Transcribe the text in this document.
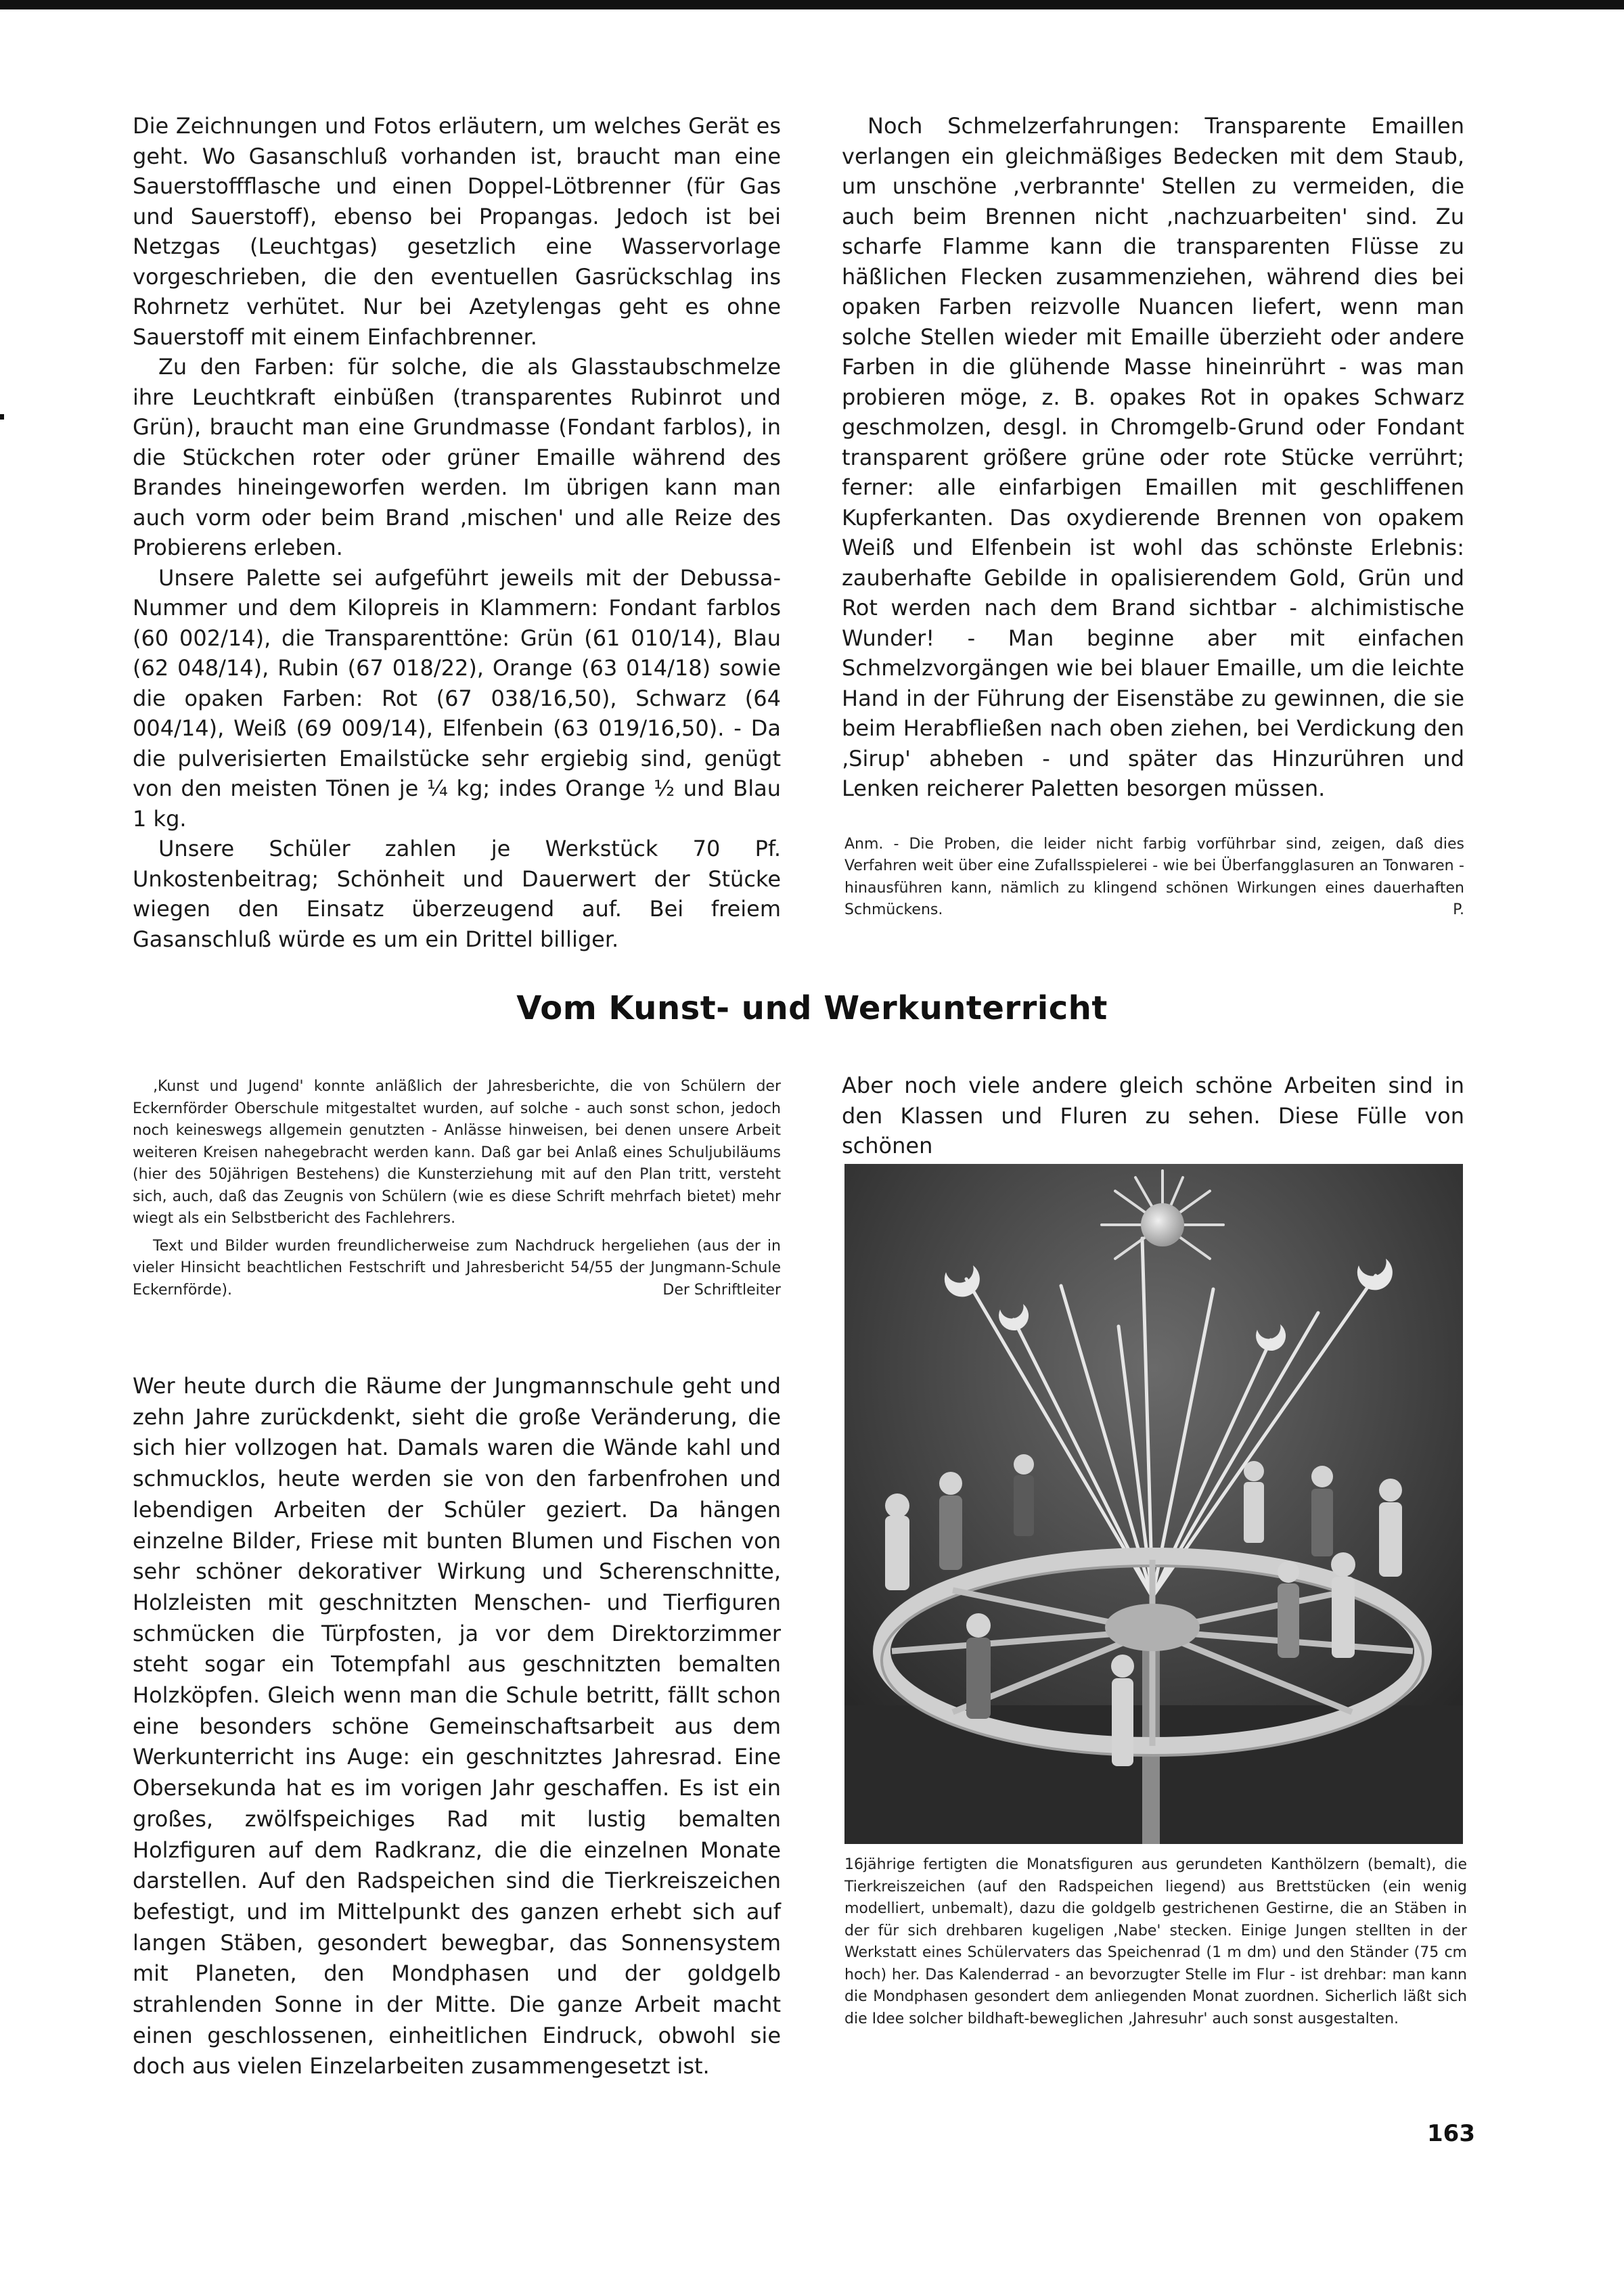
Die Zeichnungen und Fotos erläutern, um welches Gerät es geht. Wo Gasanschluß vorhanden ist, braucht man eine Sauerstoffflasche und einen Doppel-Lötbrenner (für Gas und Sauerstoff), ebenso bei Propangas. Jedoch ist bei Netzgas (Leuchtgas) gesetzlich eine Wasservorlage vorgeschrieben, die den eventuellen Gasrückschlag ins Rohrnetz verhütet. Nur bei Azetylengas geht es ohne Sauerstoff mit einem Einfachbrenner.

Zu den Farben: für solche, die als Glasstaubschmelze ihre Leuchtkraft einbüßen (transparentes Rubinrot und Grün), braucht man eine Grundmasse (Fondant farblos), in die Stückchen roter oder grüner Emaille während des Brandes hineingeworfen werden. Im übrigen kann man auch vorm oder beim Brand ‚mischen' und alle Reize des Probierens erleben.

Unsere Palette sei aufgeführt jeweils mit der Debussa-Nummer und dem Kilopreis in Klammern: Fondant farblos (60 002/14), die Transparenttöne: Grün (61 010/14), Blau (62 048/14), Rubin (67 018/22), Orange (63 014/18) sowie die opaken Farben: Rot (67 038/16,50), Schwarz (64 004/14), Weiß (69 009/14), Elfenbein (63 019/16,50). - Da die pulverisierten Emailstücke sehr ergiebig sind, genügt von den meisten Tönen je ¼ kg; indes Orange ½ und Blau 1 kg.

Unsere Schüler zahlen je Werkstück 70 Pf. Unkostenbeitrag; Schönheit und Dauerwert der Stücke wiegen den Einsatz überzeugend auf. Bei freiem Gasanschluß würde es um ein Drittel billiger.

Noch Schmelzerfahrungen: Transparente Emaillen verlangen ein gleichmäßiges Bedecken mit dem Staub, um unschöne ‚verbrannte' Stellen zu vermeiden, die auch beim Brennen nicht ‚nachzuarbeiten' sind. Zu scharfe Flamme kann die transparenten Flüsse zu häßlichen Flecken zusammenziehen, während dies bei opaken Farben reizvolle Nuancen liefert, wenn man solche Stellen wieder mit Emaille überzieht oder andere Farben in die glühende Masse hineinrührt - was man probieren möge, z. B. opakes Rot in opakes Schwarz geschmolzen, desgl. in Chromgelb-Grund oder Fondant transparent größere grüne oder rote Stücke verrührt; ferner: alle einfarbigen Emaillen mit geschliffenen Kupferkanten. Das oxydierende Brennen von opakem Weiß und Elfenbein ist wohl das schönste Erlebnis: zauberhafte Gebilde in opalisierendem Gold, Grün und Rot werden nach dem Brand sichtbar - alchimistische Wunder! - Man beginne aber mit einfachen Schmelzvorgängen wie bei blauer Emaille, um die leichte Hand in der Führung der Eisenstäbe zu gewinnen, die sie beim Herabfließen nach oben ziehen, bei Verdickung den ‚Sirup' abheben - und später das Hinzurühren und Lenken reicherer Paletten besorgen müssen.

Anm. - Die Proben, die leider nicht farbig vorführbar sind, zeigen, daß dies Verfahren weit über eine Zufallsspielerei - wie bei Überfangglasuren an Tonwaren - hinausführen kann, nämlich zu klingend schönen Wirkungen eines dauerhaften Schmückens.	P.

Vom Kunst- und Werkunterricht

‚Kunst und Jugend' konnte anläßlich der Jahresberichte, die von Schülern der Eckernförder Oberschule mitgestaltet wurden, auf solche - auch sonst schon, jedoch noch keineswegs allgemein genutzten - Anlässe hinweisen, bei denen unsere Arbeit weiteren Kreisen nahegebracht werden kann. Daß gar bei Anlaß eines Schuljubiläums (hier des 50jährigen Bestehens) die Kunsterziehung mit auf den Plan tritt, versteht sich, auch, daß das Zeugnis von Schülern (wie es diese Schrift mehrfach bietet) mehr wiegt als ein Selbstbericht des Fachlehrers.

Text und Bilder wurden freundlicherweise zum Nachdruck hergeliehen (aus der in vieler Hinsicht beachtlichen Festschrift und Jahresbericht 54/55 der Jungmann-Schule Eckernförde).	Der Schriftleiter

Wer heute durch die Räume der Jungmannschule geht und zehn Jahre zurückdenkt, sieht die große Veränderung, die sich hier vollzogen hat. Damals waren die Wände kahl und schmucklos, heute werden sie von den farbenfrohen und lebendigen Arbeiten der Schüler geziert. Da hängen einzelne Bilder, Friese mit bunten Blumen und Fischen von sehr schöner dekorativer Wirkung und Scherenschnitte, Holzleisten mit geschnitzten Menschen- und Tierfiguren schmücken die Türpfosten, ja vor dem Direktorzimmer steht sogar ein Totempfahl aus geschnitzten bemalten Holzköpfen. Gleich wenn man die Schule betritt, fällt schon eine besonders schöne Gemeinschaftsarbeit aus dem Werkunterricht ins Auge: ein geschnitztes Jahresrad. Eine Obersekunda hat es im vorigen Jahr geschaffen. Es ist ein großes, zwölfspeichiges Rad mit lustig bemalten Holzfiguren auf dem Radkranz, die die einzelnen Monate darstellen. Auf den Radspeichen sind die Tierkreiszeichen befestigt, und im Mittelpunkt des ganzen erhebt sich auf langen Stäben, gesondert bewegbar, das Sonnensystem mit Planeten, den Mondphasen und der goldgelb strahlenden Sonne in der Mitte. Die ganze Arbeit macht einen geschlossenen, einheitlichen Eindruck, obwohl sie doch aus vielen Einzelarbeiten zusammengesetzt ist.

Aber noch viele andere gleich schöne Arbeiten sind in den Klassen und Fluren zu sehen. Diese Fülle von schönen

16jährige fertigten die Monatsfiguren aus gerundeten Kanthölzern (bemalt), die Tierkreiszeichen (auf den Radspeichen liegend) aus Brettstücken (ein wenig modelliert, unbemalt), dazu die goldgelb gestrichenen Gestirne, die an Stäben in der für sich drehbaren kugeligen ‚Nabe' stecken. Einige Jungen stellten in der Werkstatt eines Schülervaters das Speichenrad (1 m dm) und den Ständer (75 cm hoch) her. Das Kalenderrad - an bevorzugter Stelle im Flur - ist drehbar: man kann die Mondphasen gesondert dem anliegenden Monat zuordnen. Sicherlich läßt sich die Idee solcher bildhaft-beweglichen ‚Jahresuhr' auch sonst ausgestalten.

163
